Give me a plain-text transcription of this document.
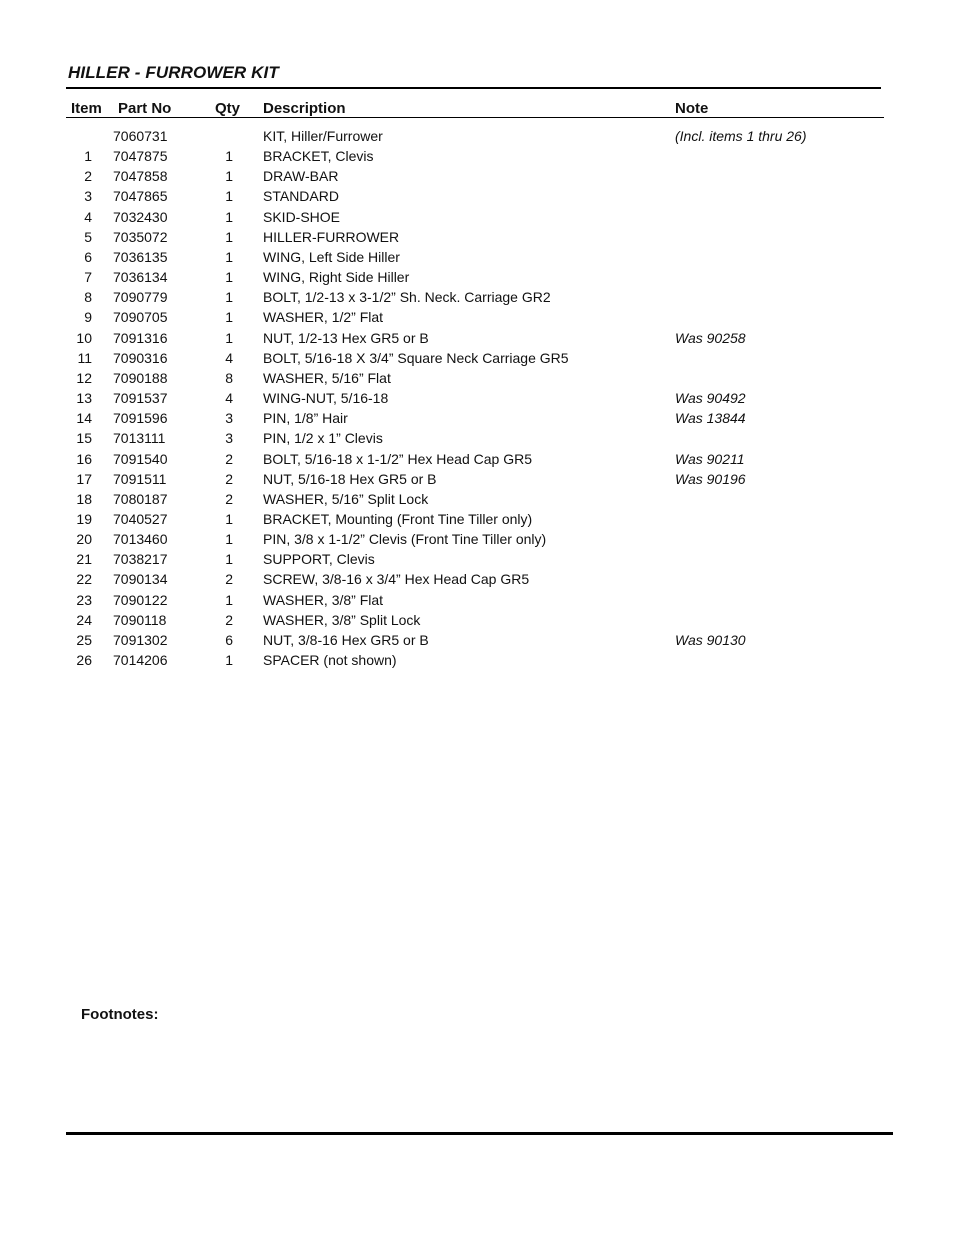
HILLER - FURROWER KIT
Item Part No	Qty Description	Note
7060731	KIT, Hiller/Furrower	(Incl. items 1 thru 26)
1 7047875	1 BRACKET, Clevis
2 7047858	1 DRAW-BAR
3 7047865	1 STANDARD
4 7032430	1 SKID-SHOE
5 7035072	1 HILLER-FURROWER
6 7036135	1 WING, Left Side Hiller
7 7036134	1 WING, Right Side Hiller
8 7090779	1 BOLT, 1/2-13 x 3-1/2” Sh. Neck. Carriage GR2
9 7090705	1 WASHER, 1/2” Flat
10 7091316	1 NUT, 1/2-13 Hex GR5 or B	Was 90258
11 7090316	4 BOLT, 5/16-18 X 3/4” Square Neck Carriage GR5
12 7090188	8 WASHER, 5/16” Flat
13 7091537	4 WING-NUT, 5/16-18	Was 90492
14 7091596	3 PIN, 1/8” Hair	Was 13844
15 7013111	3 PIN, 1/2 x 1” Clevis
16 7091540	2 BOLT, 5/16-18 x 1-1/2” Hex Head Cap GR5	Was 90211
17 7091511	2 NUT, 5/16-18 Hex GR5 or B	Was 90196
18 7080187	2 WASHER, 5/16” Split Lock
19 7040527	1 BRACKET, Mounting (Front Tine Tiller only)
20 7013460	1 PIN, 3/8 x 1-1/2” Clevis (Front Tine Tiller only)
21 7038217	1 SUPPORT, Clevis
22 7090134	2 SCREW, 3/8-16 x 3/4” Hex Head Cap GR5
23 7090122	1 WASHER, 3/8” Flat
24 7090118	2 WASHER, 3/8” Split Lock
25 7091302	6 NUT, 3/8-16 Hex GR5 or B	Was 90130
26 7014206	1 SPACER (not shown)
Footnotes:
